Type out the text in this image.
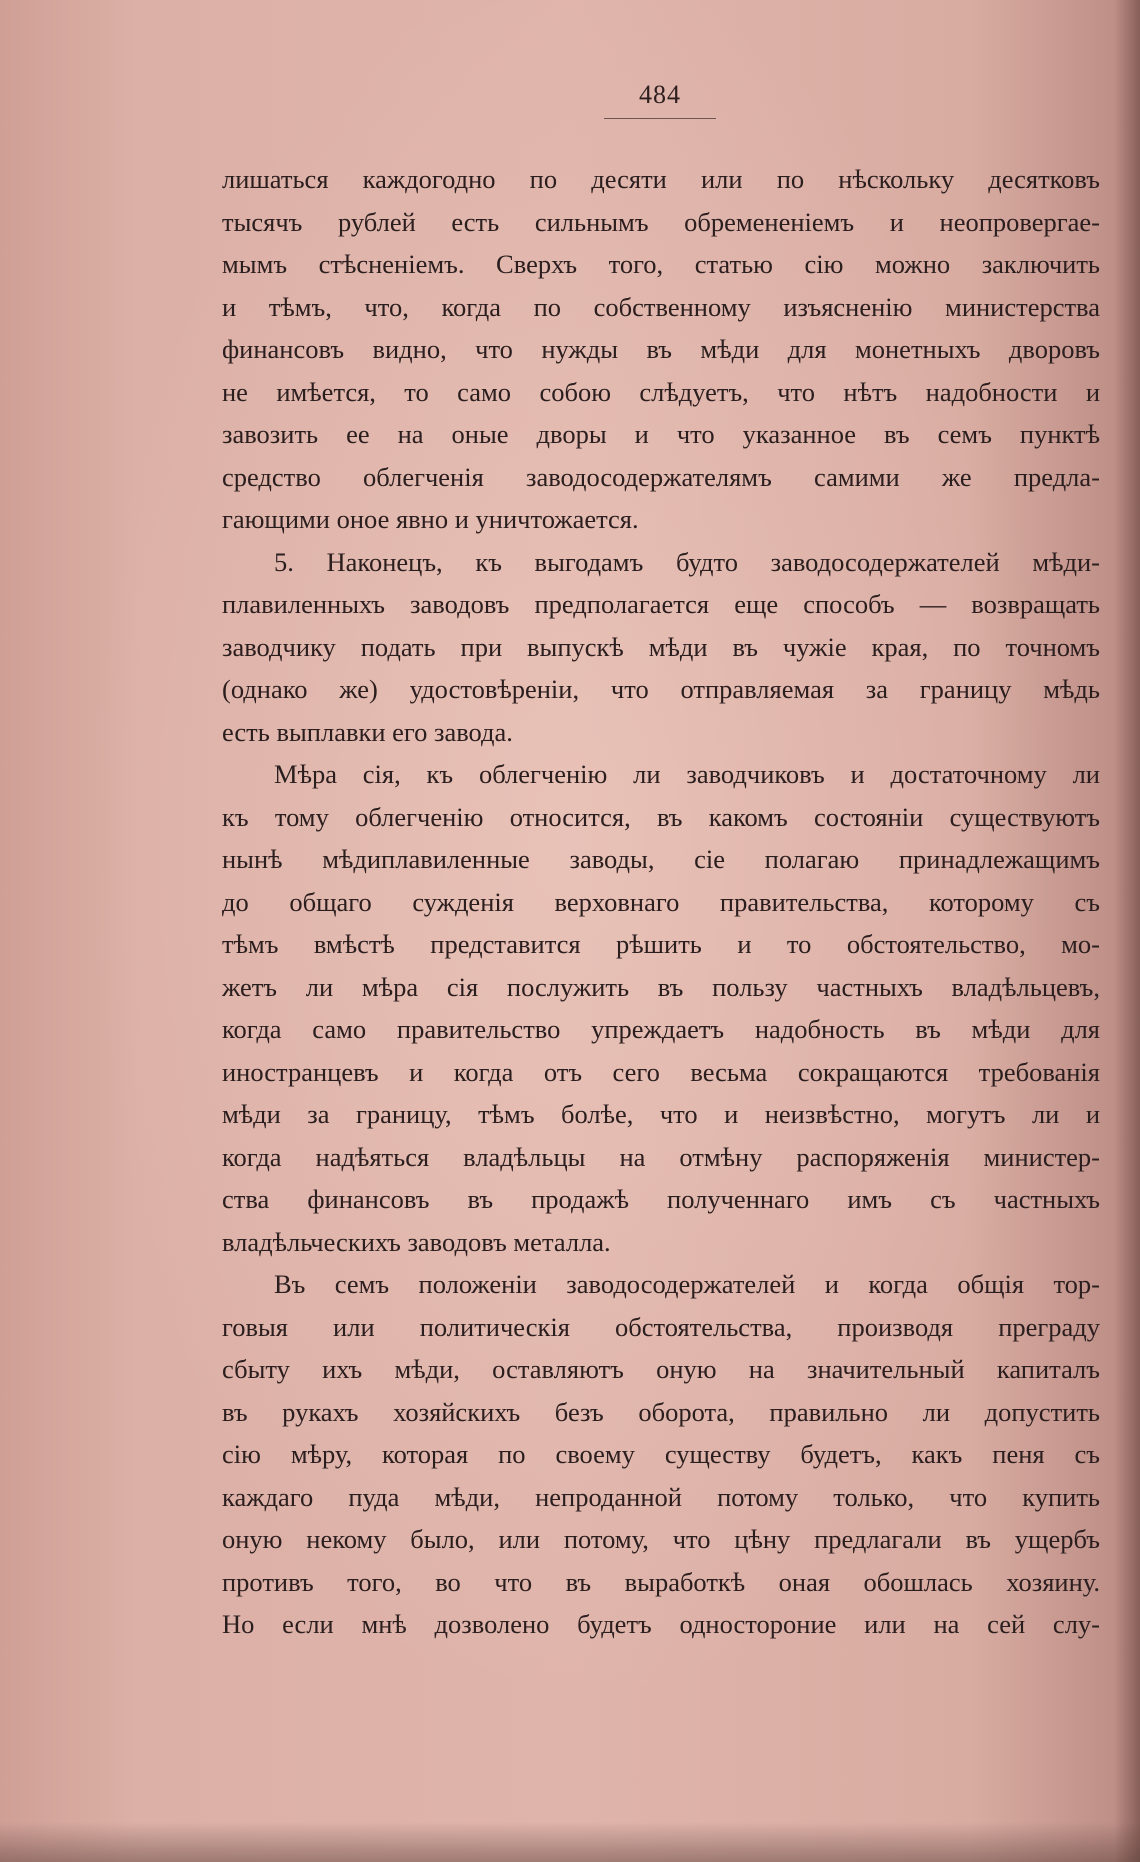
484
лишаться каждогодно по десяти или по нѣскольку десятковъ
тысячъ рублей есть сильнымъ обремененіемъ и неопровергае-
мымъ стѣсненіемъ. Сверхъ того, статью сію можно заключить
и тѣмъ, что, когда по собственному изъясненію министерства
финансовъ видно, что нужды въ мѣди для монетныхъ дворовъ
не имѣется, то само собою слѣдуетъ, что нѣтъ надобности и
завозить ее на оные дворы и что указанное въ семъ пунктѣ
средство облегченія заводосодержателямъ самими же предла-
гающими оное явно и уничтожается.
5. Наконецъ, къ выгодамъ будто заводосодержателей мѣди-
плавиленныхъ заводовъ предполагается еще способъ — возвращать
заводчику подать при выпускѣ мѣди въ чужіе края, по точномъ
(однако же) удостовѣреніи, что отправляемая за границу мѣдь
есть выплавки его завода.
Мѣра сія, къ облегченію ли заводчиковъ и достаточному ли
къ тому облегченію относится, въ какомъ состояніи существуютъ
нынѣ мѣдиплавиленные заводы, сіе полагаю принадлежащимъ
до общаго сужденія верховнаго правительства, которому съ
тѣмъ вмѣстѣ представится рѣшить и то обстоятельство, мо-
жетъ ли мѣра сія послужить въ пользу частныхъ владѣльцевъ,
когда само правительство упреждаетъ надобность въ мѣди для
иностранцевъ и когда отъ сего весьма сокращаются требованія
мѣди за границу, тѣмъ болѣе, что и неизвѣстно, могутъ ли и
когда надѣяться владѣльцы на отмѣну распоряженія министер-
ства финансовъ въ продажѣ полученнаго имъ съ частныхъ
владѣльческихъ заводовъ металла.
Въ семъ положеніи заводосодержателей и когда общія тор-
говыя или политическія обстоятельства, производя преграду
сбыту ихъ мѣди, оставляютъ оную на значительный капиталъ
въ рукахъ хозяйскихъ безъ оборота, правильно ли допустить
сію мѣру, которая по своему существу будетъ, какъ пеня съ
каждаго пуда мѣди, непроданной потому только, что купить
оную некому было, или потому, что цѣну предлагали въ ущербъ
противъ того, во что въ выработкѣ оная обошлась хозяину.
Но если мнѣ дозволено будетъ одностороние или на сей слу-
